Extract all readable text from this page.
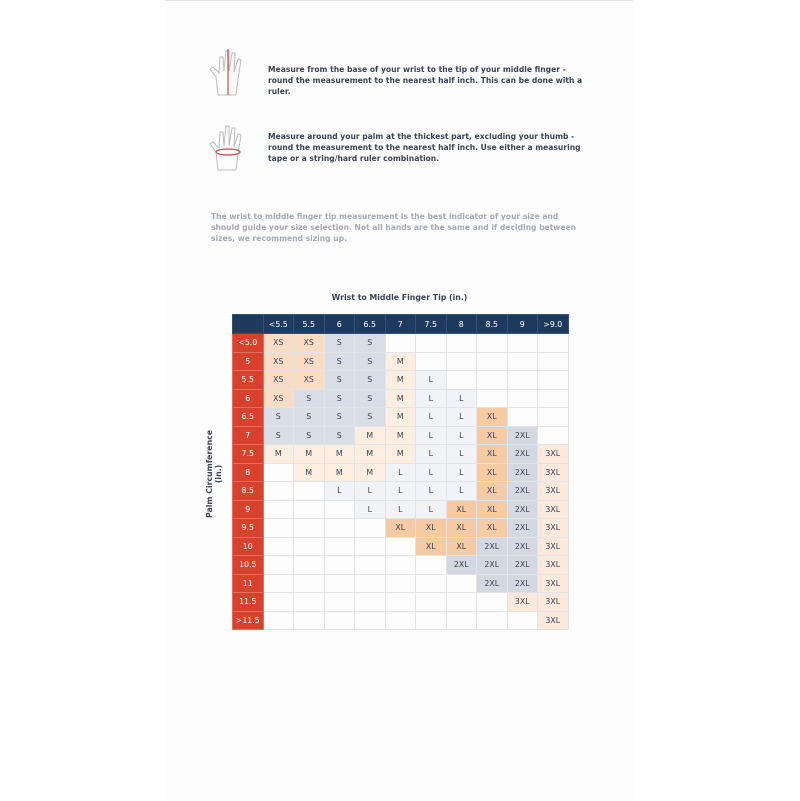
Measure from the base of your wrist to the tip of your middle finger - round the measurement to the nearest half inch. This can be done with a ruler.
Measure around your palm at the thickest part, excluding your thumb - round the measurement to the nearest half inch. Use either a measuring tape or a string/hard ruler combination.
The wrist to middle finger tip measurement is the best indicator of your size and should guide your size selection. Not all hands are the same and if deciding between sizes, we recommend sizing up.
Wrist to Middle Finger Tip (in.)
Palm Circumference (in.)
	<5.5	5.5	6	6.5	7	7.5	8	8.5	9	>9.0
<5.0	XS	XS	S	S						
5	XS	XS	S	S	M					
5.5	XS	XS	S	S	M	L				
6	XS	S	S	S	M	L	L			
6.5	S	S	S	S	M	L	L	XL		
7	S	S	S	M	M	L	L	XL	2XL	
7.5	M	M	M	M	M	L	L	XL	2XL	3XL
8		M	M	M	L	L	L	XL	2XL	3XL
8.5			L	L	L	L	L	XL	2XL	3XL
9				L	L	L	XL	XL	2XL	3XL
9.5					XL	XL	XL	XL	2XL	3XL
10						XL	XL	2XL	2XL	3XL
10.5							2XL	2XL	2XL	3XL
11								2XL	2XL	3XL
11.5									3XL	3XL
>11.5										3XL
